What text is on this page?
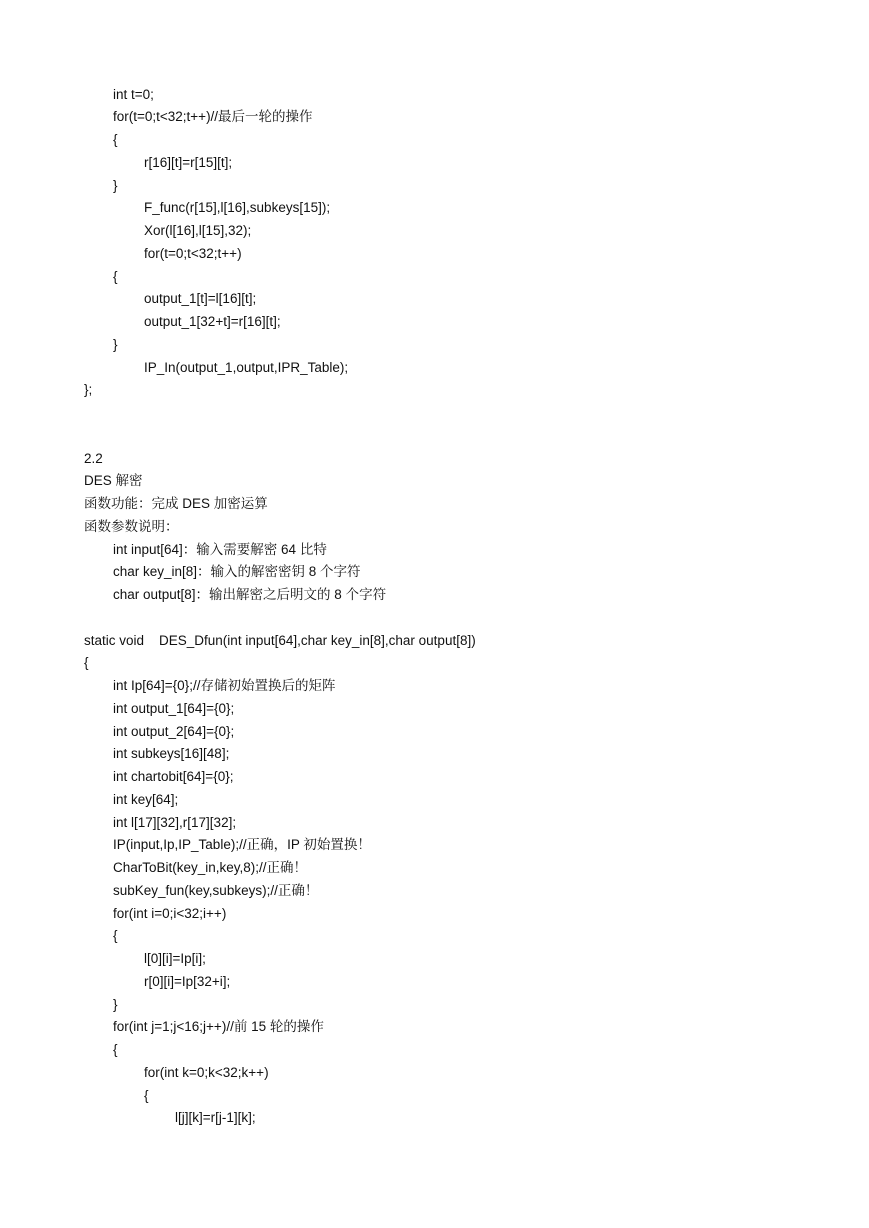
int t=0;
for(t=0;t<32;t++)//最后一轮的操作
{
r[16][t]=r[15][t];
}
F_func(r[15],l[16],subkeys[15]);
Xor(l[16],l[15],32);
for(t=0;t<32;t++)
{
output_1[t]=l[16][t];
output_1[32+t]=r[16][t];
}
IP_In(output_1,output,IPR_Table);
};
2.2
DES 解密
函数功能：完成 DES 加密运算
函数参数说明：
int input[64]：输入需要解密 64 比特
char key_in[8]：输入的解密密钥 8 个字符
char output[8]：输出解密之后明文的 8 个字符
static void    DES_Dfun(int input[64],char key_in[8],char output[8])
{
int Ip[64]={0};//存储初始置换后的矩阵
int output_1[64]={0};
int output_2[64]={0};
int subkeys[16][48];
int chartobit[64]={0};
int key[64];
int l[17][32],r[17][32];
IP(input,Ip,IP_Table);//正确，IP 初始置换！
CharToBit(key_in,key,8);//正确！
subKey_fun(key,subkeys);//正确！
for(int i=0;i<32;i++)
{
l[0][i]=Ip[i];
r[0][i]=Ip[32+i];
}
for(int j=1;j<16;j++)//前 15 轮的操作
{
for(int k=0;k<32;k++)
{
l[j][k]=r[j-1][k];
